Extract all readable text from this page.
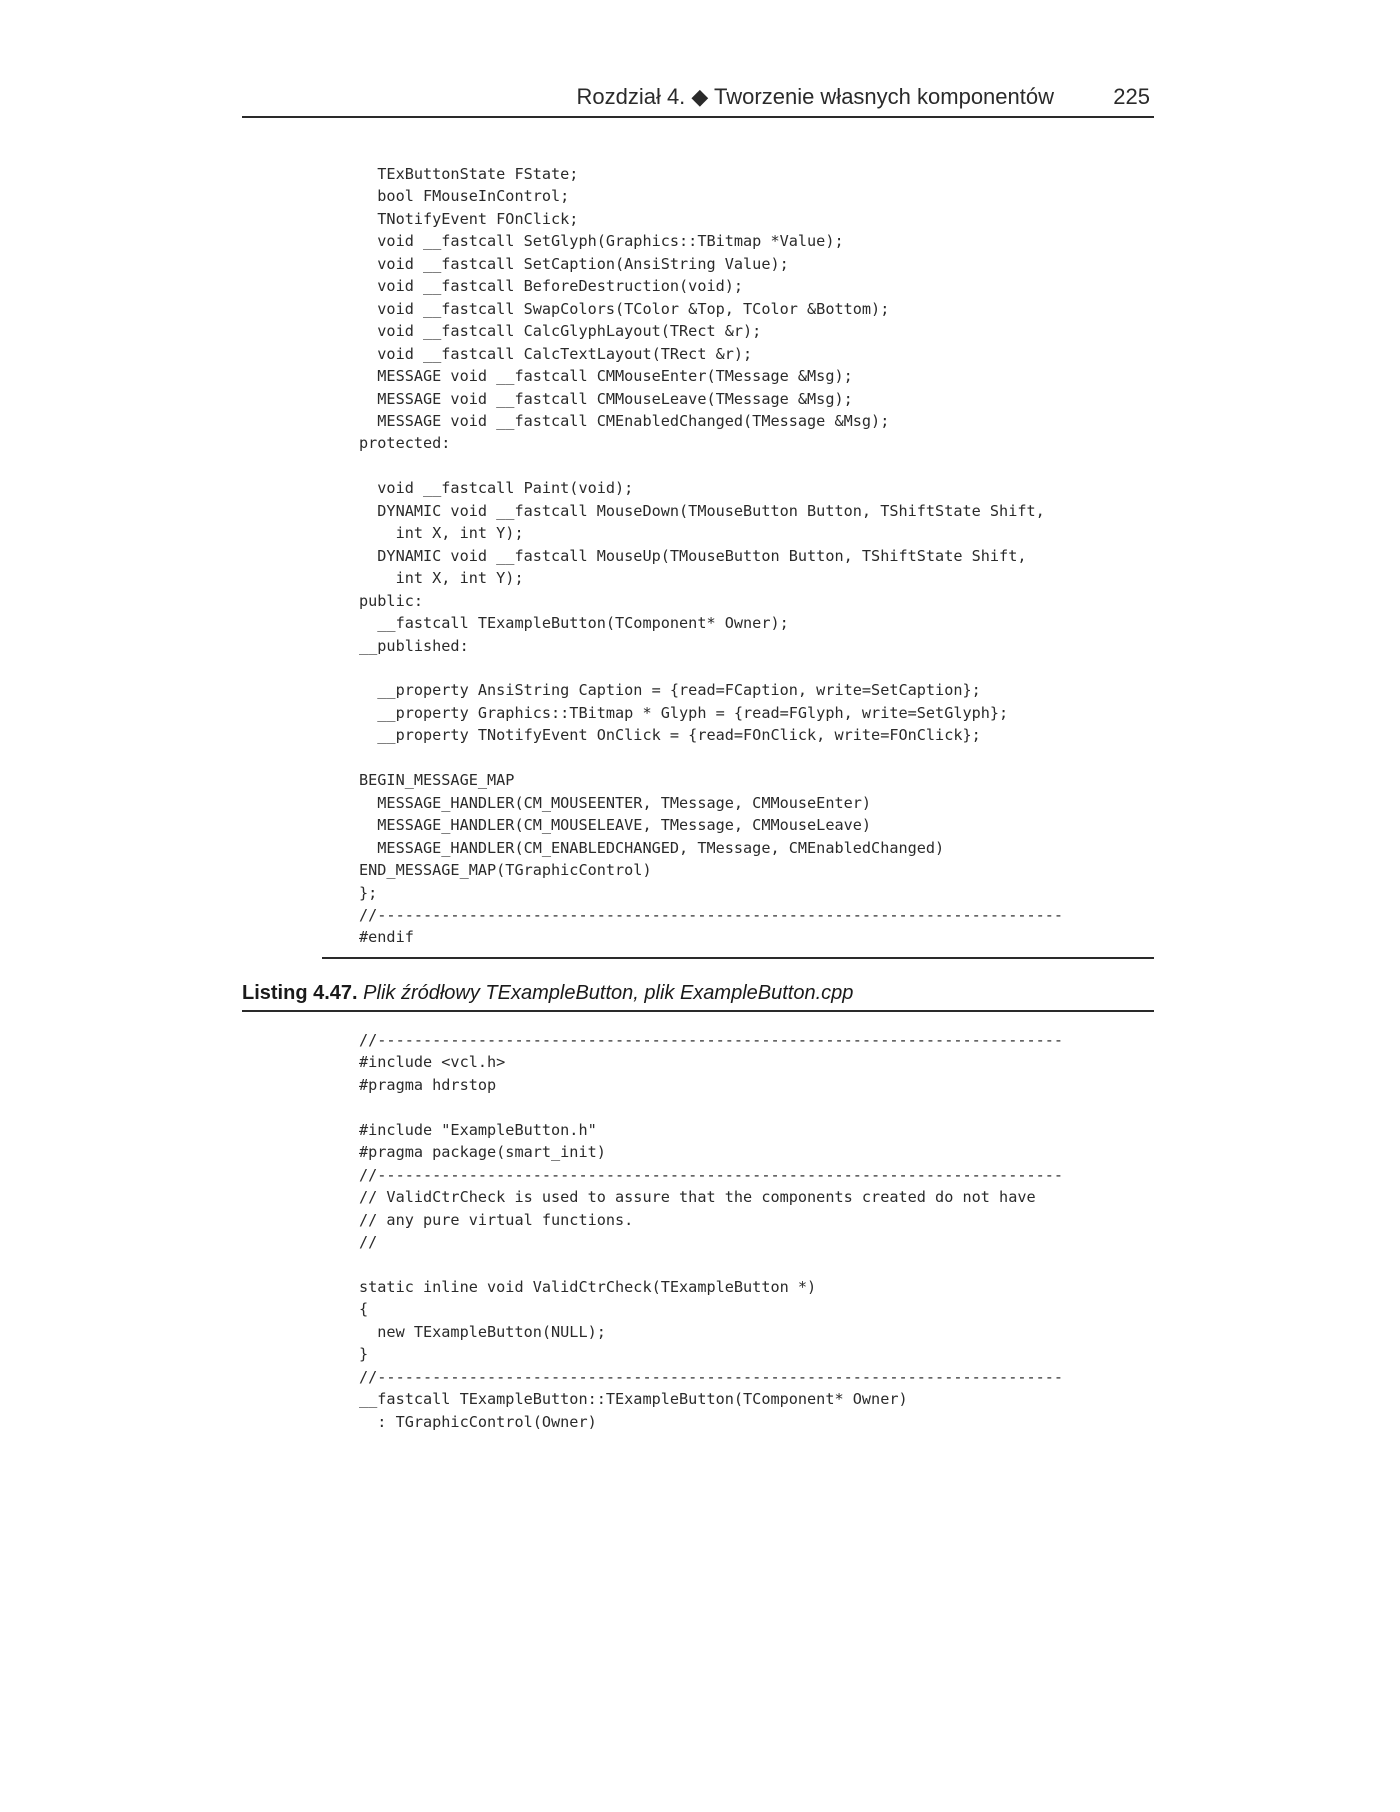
Rozdział 4. ◆ Tworzenie własnych komponentów	225
TExButtonState FState;
bool FMouseInControl;
TNotifyEvent FOnClick;
void __fastcall SetGlyph(Graphics::TBitmap *Value);
void __fastcall SetCaption(AnsiString Value);
void __fastcall BeforeDestruction(void);
void __fastcall SwapColors(TColor &Top, TColor &Bottom);
void __fastcall CalcGlyphLayout(TRect &r);
void __fastcall CalcTextLayout(TRect &r);
MESSAGE void __fastcall CMMouseEnter(TMessage &Msg);
MESSAGE void __fastcall CMMouseLeave(TMessage &Msg);
MESSAGE void __fastcall CMEnabledChanged(TMessage &Msg);
protected:

void __fastcall Paint(void);
DYNAMIC void __fastcall MouseDown(TMouseButton Button, TShiftState Shift,
int X, int Y);
DYNAMIC void __fastcall MouseUp(TMouseButton Button, TShiftState Shift,
int X, int Y);
public:
__fastcall TExampleButton(TComponent* Owner);
__published:

__property AnsiString Caption = {read=FCaption, write=SetCaption};
__property Graphics::TBitmap * Glyph = {read=FGlyph, write=SetGlyph};
__property TNotifyEvent OnClick = {read=FOnClick, write=FOnClick};

BEGIN_MESSAGE_MAP
MESSAGE_HANDLER(CM_MOUSEENTER, TMessage, CMMouseEnter)
MESSAGE_HANDLER(CM_MOUSELEAVE, TMessage, CMMouseLeave)
MESSAGE_HANDLER(CM_ENABLEDCHANGED, TMessage, CMEnabledChanged)
END_MESSAGE_MAP(TGraphicControl)
};
//---------------------------------------------------------------------------
#endif
Listing 4.47. Plik źródłowy TExampleButton, plik ExampleButton.cpp
//---------------------------------------------------------------------------
#include <vcl.h>
#pragma hdrstop

#include "ExampleButton.h"
#pragma package(smart_init)
//---------------------------------------------------------------------------
// ValidCtrCheck is used to assure that the components created do not have
// any pure virtual functions.
//

static inline void ValidCtrCheck(TExampleButton *)
{
new TExampleButton(NULL);
}
//---------------------------------------------------------------------------
__fastcall TExampleButton::TExampleButton(TComponent* Owner)
: TGraphicControl(Owner)
